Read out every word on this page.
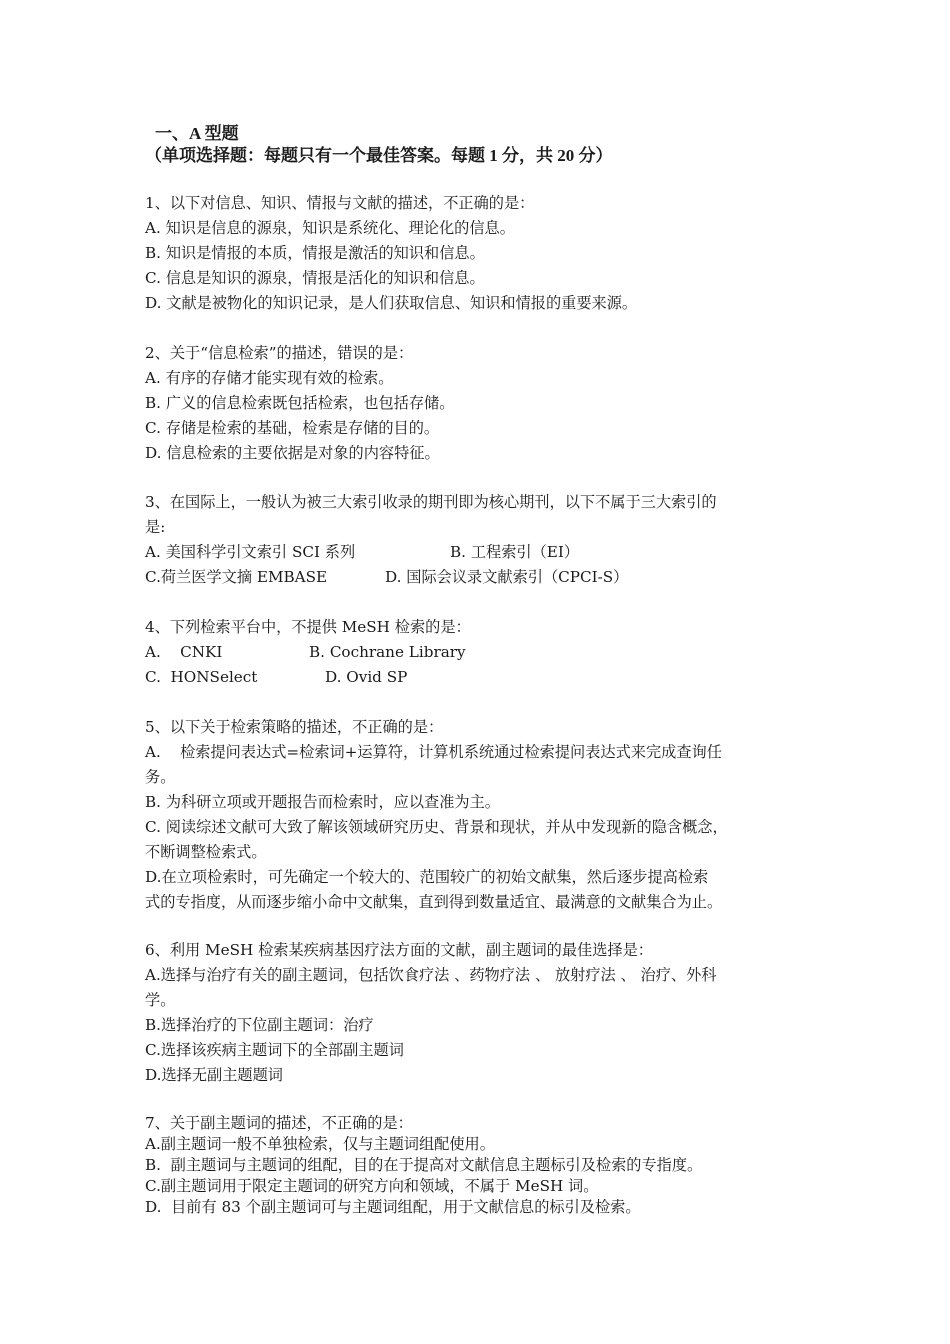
一、A 型题
（单项选择题：每题只有一个最佳答案。每题 1 分，共 20 分）
1、以下对信息、知识、情报与文献的描述，不正确的是：
A. 知识是信息的源泉，知识是系统化、理论化的信息。
B. 知识是情报的本质，情报是激活的知识和信息。
C. 信息是知识的源泉，情报是活化的知识和信息。
D. 文献是被物化的知识记录，是人们获取信息、知识和情报的重要来源。
2、关于“信息检索”的描述，错误的是：
A. 有序的存储才能实现有效的检索。
B. 广义的信息检索既包括检索，也包括存储。
C. 存储是检索的基础，检索是存储的目的。
D. 信息检索的主要依据是对象的内容特征。
3、在国际上，一般认为被三大索引收录的期刊即为核心期刊，以下不属于三大索引的
是:
A. 美国科学引文索引 SCI 系列	B. 工程索引（EI）
C.荷兰医学文摘 EMBASE	D. 国际会议录文献索引（CPCI-S）
4、下列检索平台中，不提供 MeSH 检索的是：
A.    CNKI	B. Cochrane Library
C.  HONSelect	D. Ovid SP
5、以下关于检索策略的描述，不正确的是：
A.    检索提问表达式=检索词+运算符，计算机系统通过检索提问表达式来完成查询任
务。
B. 为科研立项或开题报告而检索时，应以查准为主。
C. 阅读综述文献可大致了解该领域研究历史、背景和现状，并从中发现新的隐含概念，
不断调整检索式。
D.在立项检索时，可先确定一个较大的、范围较广的初始文献集，然后逐步提高检索
式的专指度，从而逐步缩小命中文献集，直到得到数量适宜、最满意的文献集合为止。
6、利用 MeSH 检索某疾病基因疗法方面的文献，副主题词的最佳选择是：
A.选择与治疗有关的副主题词，包括饮食疗法 、药物疗法 、 放射疗法 、 治疗、外科
学。
B.选择治疗的下位副主题词：治疗
C.选择该疾病主题词下的全部副主题词
D.选择无副主题题词
7、关于副主题词的描述，不正确的是：
A.副主题词一般不单独检索，仅与主题词组配使用。
B.  副主题词与主题词的组配，目的在于提高对文献信息主题标引及检索的专指度。
C.副主题词用于限定主题词的研究方向和领域，不属于 MeSH 词。
D.  目前有 83 个副主题词可与主题词组配，用于文献信息的标引及检索。
